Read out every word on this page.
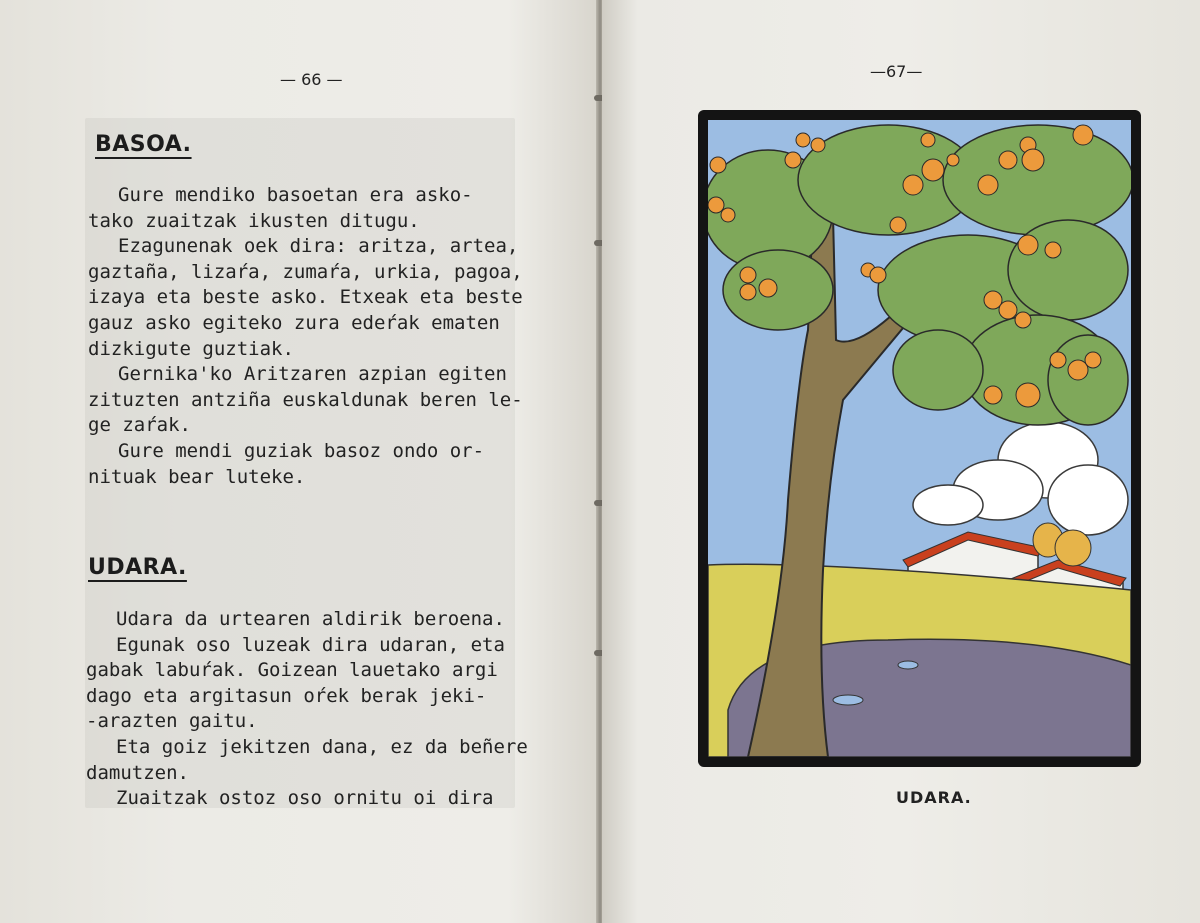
— 66 —
BASOA.
Gure mendiko basoetan era asko-
tako zuaitzak ikusten ditugu.
Ezagunenak oek dira: aritza, artea,
gaztaña, lizaŕa, zumaŕa, urkia, pagoa,
izaya eta beste asko. Etxeak eta beste
gauz asko egiteko zura edeŕak ematen
dizkigute guztiak.
Gernika'ko Aritzaren azpian egiten
zituzten antziña euskaldunak beren le-
ge zaŕak.
Gure mendi guziak basoz ondo or-
nituak bear luteke.
UDARA.
Udara da urtearen aldirik beroena.
Egunak oso luzeak dira udaran, eta
gabak labuŕak. Goizean lauetako argi
dago eta argitasun oŕek berak jeki-
-arazten gaitu.
Eta goiz jekitzen dana, ez da beñere
damutzen.
Zuaitzak ostoz oso ornitu oi dira
—67—
UDARA.
